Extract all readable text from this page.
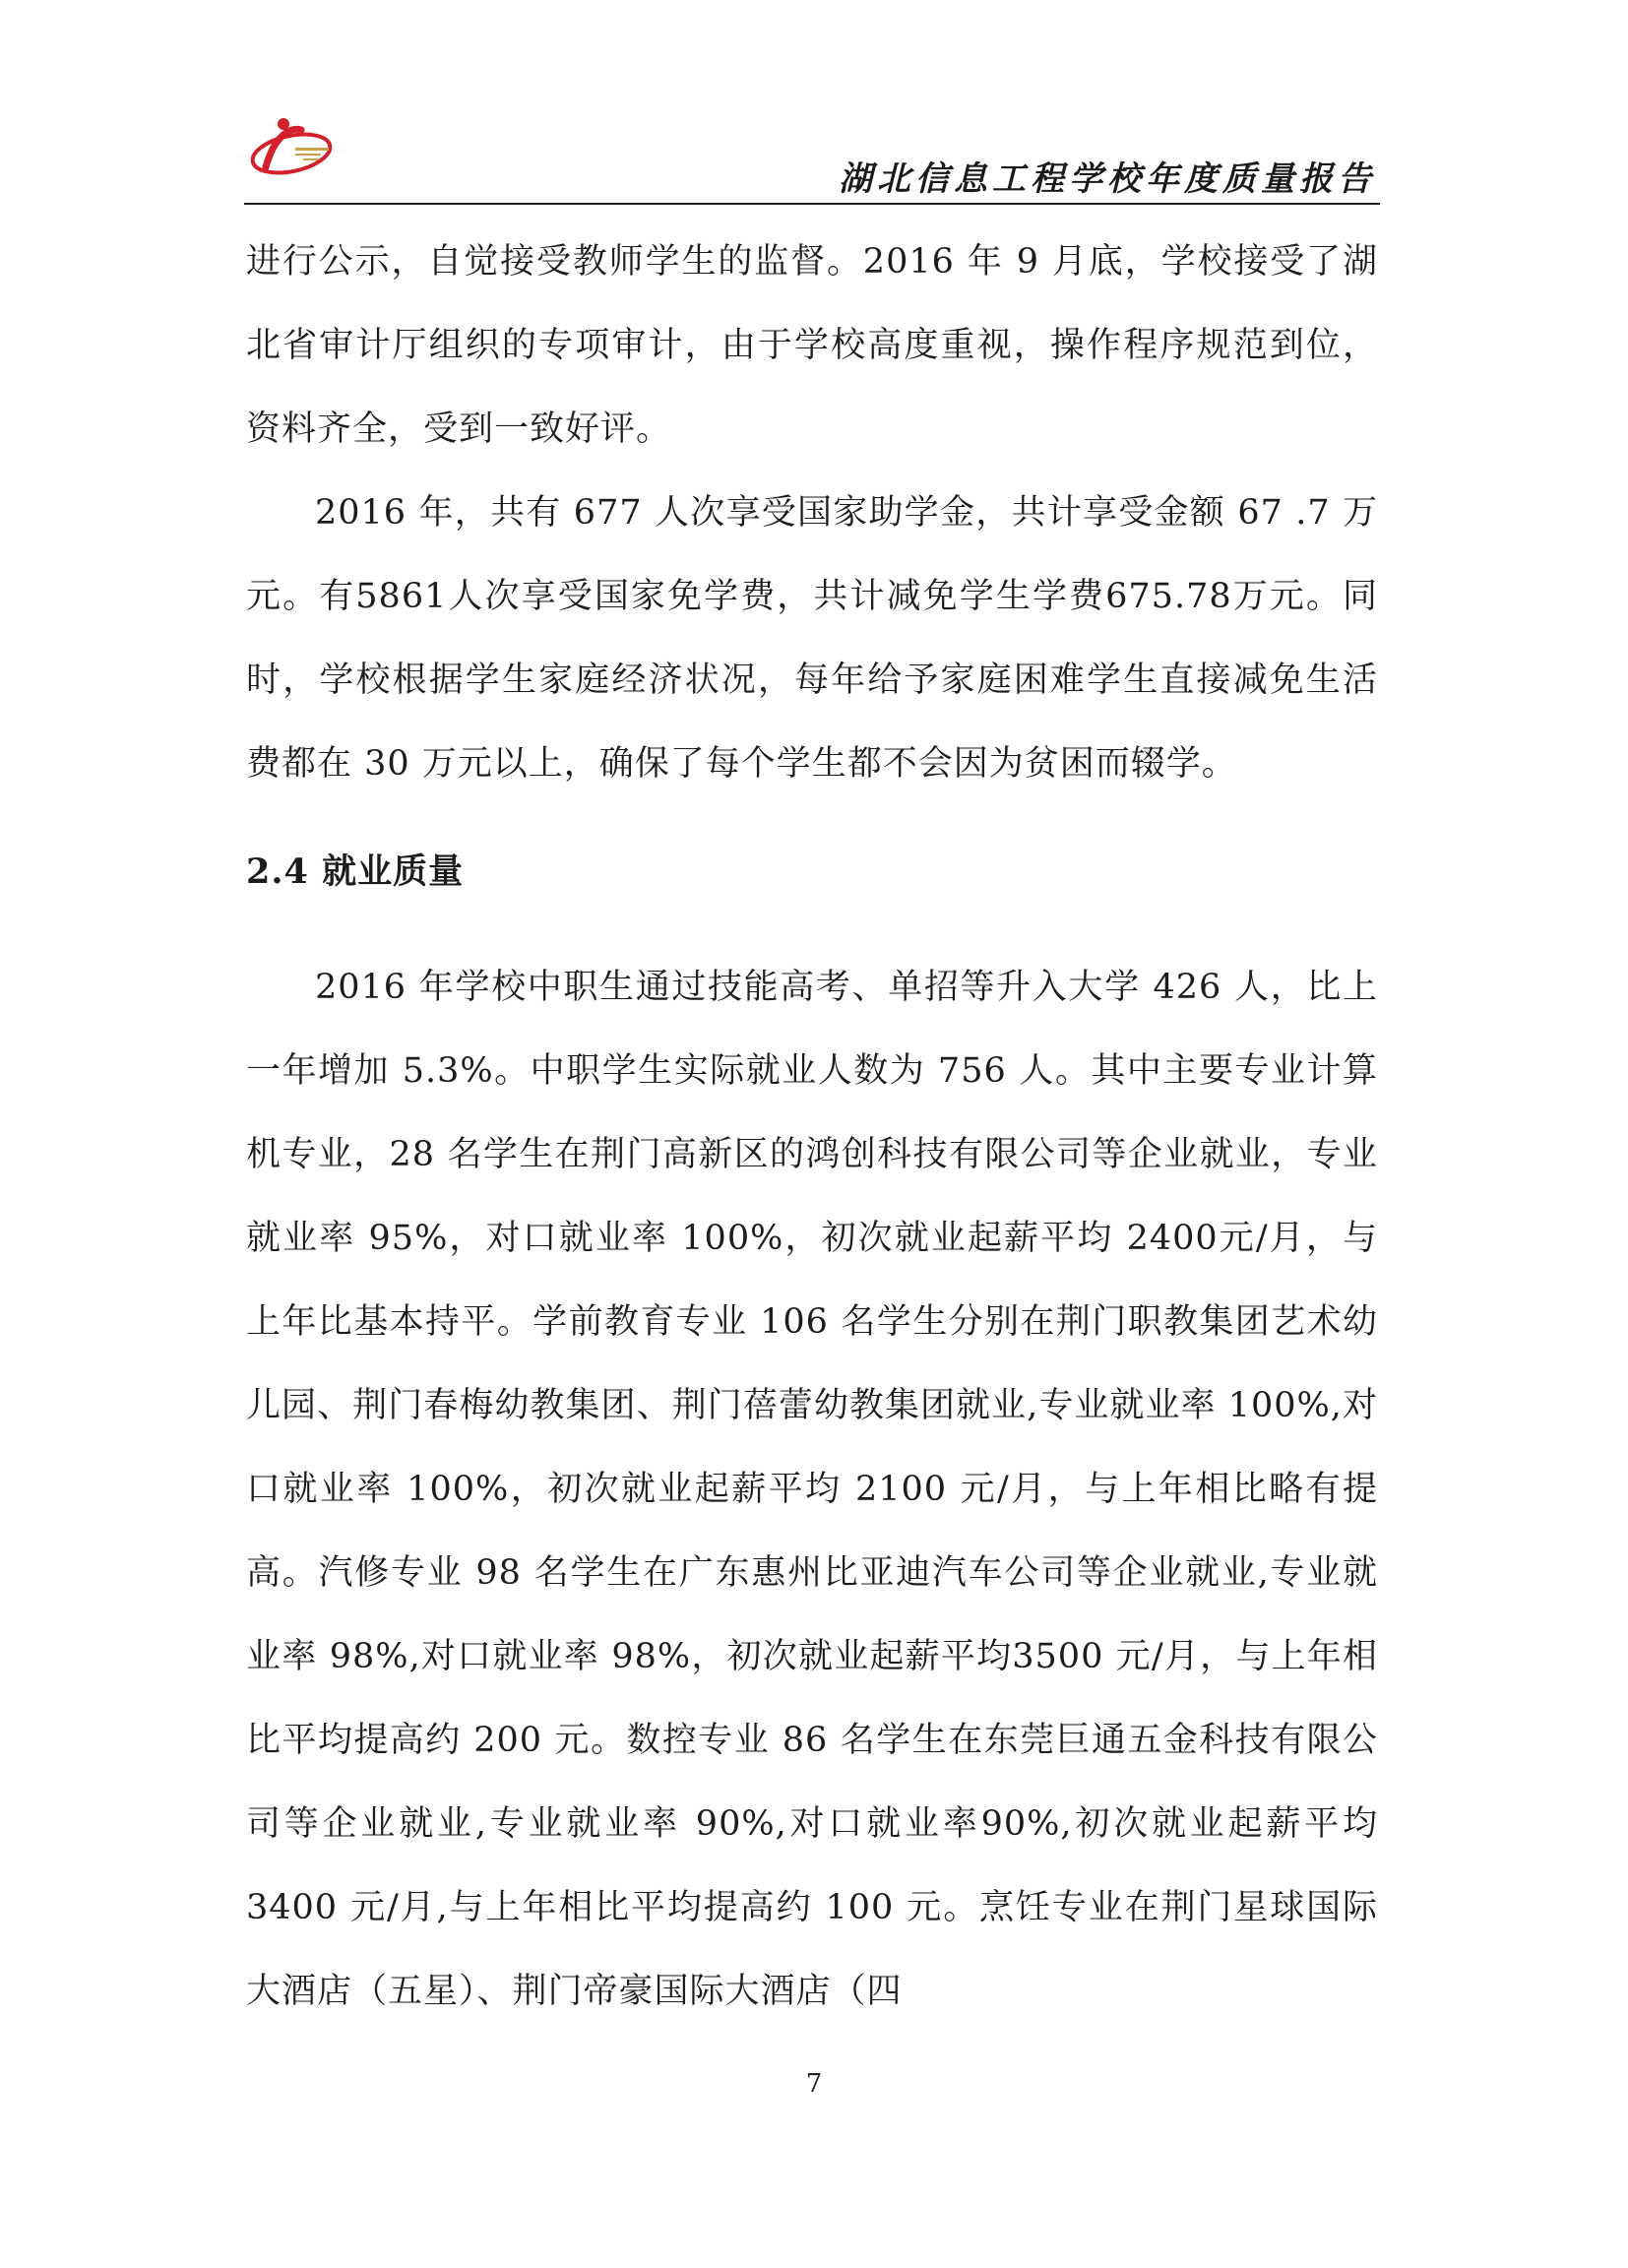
湖北信息工程学校年度质量报告

进行公示，自觉接受教师学生的监督。2016 年 9 月底，学校接受了湖北省审计厅组织的专项审计，由于学校高度重视，操作程序规范到位，资料齐全，受到一致好评。

2016 年，共有 677 人次享受国家助学金，共计享受金额 67 .7 万元。有5861人次享受国家免学费，共计减免学生学费675.78万元。同时，学校根据学生家庭经济状况，每年给予家庭困难学生直接减免生活费都在 30 万元以上，确保了每个学生都不会因为贫困而辍学。

2.4 就业质量

2016 年学校中职生通过技能高考、单招等升入大学 426 人，比上一年增加 5.3%。中职学生实际就业人数为 756 人。其中主要专业计算机专业，28 名学生在荆门高新区的鸿创科技有限公司等企业就业，专业就业率 95%，对口就业率 100%，初次就业起薪平均 2400元/月，与上年比基本持平。学前教育专业 106 名学生分别在荆门职教集团艺术幼儿园、荆门春梅幼教集团、荆门蓓蕾幼教集团就业,专业就业率 100%,对口就业率 100%，初次就业起薪平均 2100 元/月，与上年相比略有提高。汽修专业 98 名学生在广东惠州比亚迪汽车公司等企业就业,专业就业率 98%,对口就业率 98%，初次就业起薪平均3500 元/月，与上年相比平均提高约 200 元。数控专业 86 名学生在东莞巨通五金科技有限公司等企业就业,专业就业率 90%,对口就业率90%,初次就业起薪平均 3400 元/月,与上年相比平均提高约 100 元。烹饪专业在荆门星球国际大酒店（五星）、荆门帝豪国际大酒店（四

7
